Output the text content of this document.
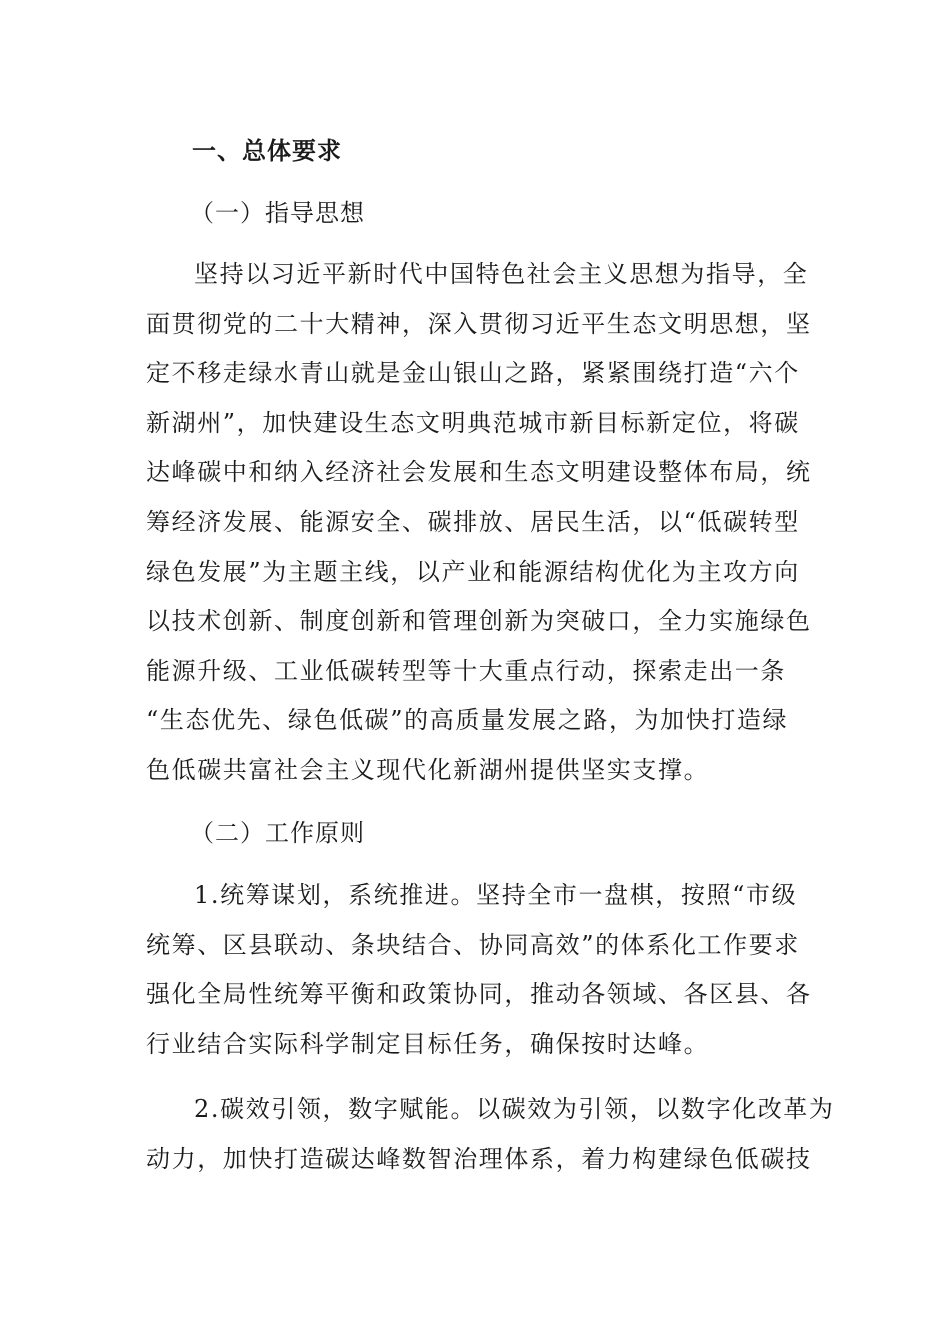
一、总体要求
（一）指导思想
坚持以习近平新时代中国特色社会主义思想为指导，全
面贯彻党的二十大精神，深入贯彻习近平生态文明思想，坚
定不移走绿水青山就是金山银山之路，紧紧围绕打造“六个
新湖州”，加快建设生态文明典范城市新目标新定位，将碳
达峰碳中和纳入经济社会发展和生态文明建设整体布局，统
筹经济发展、能源安全、碳排放、居民生活，以“低碳转型
绿色发展”为主题主线，以产业和能源结构优化为主攻方向
以技术创新、制度创新和管理创新为突破口，全力实施绿色
能源升级、工业低碳转型等十大重点行动，探索走出一条
“生态优先、绿色低碳”的高质量发展之路，为加快打造绿
色低碳共富社会主义现代化新湖州提供坚实支撑。
（二）工作原则
1.统筹谋划，系统推进。坚持全市一盘棋，按照“市级
统筹、区县联动、条块结合、协同高效”的体系化工作要求
强化全局性统筹平衡和政策协同，推动各领域、各区县、各
行业结合实际科学制定目标任务，确保按时达峰。
2.碳效引领，数字赋能。以碳效为引领，以数字化改革为
动力，加快打造碳达峰数智治理体系，着力构建绿色低碳技
